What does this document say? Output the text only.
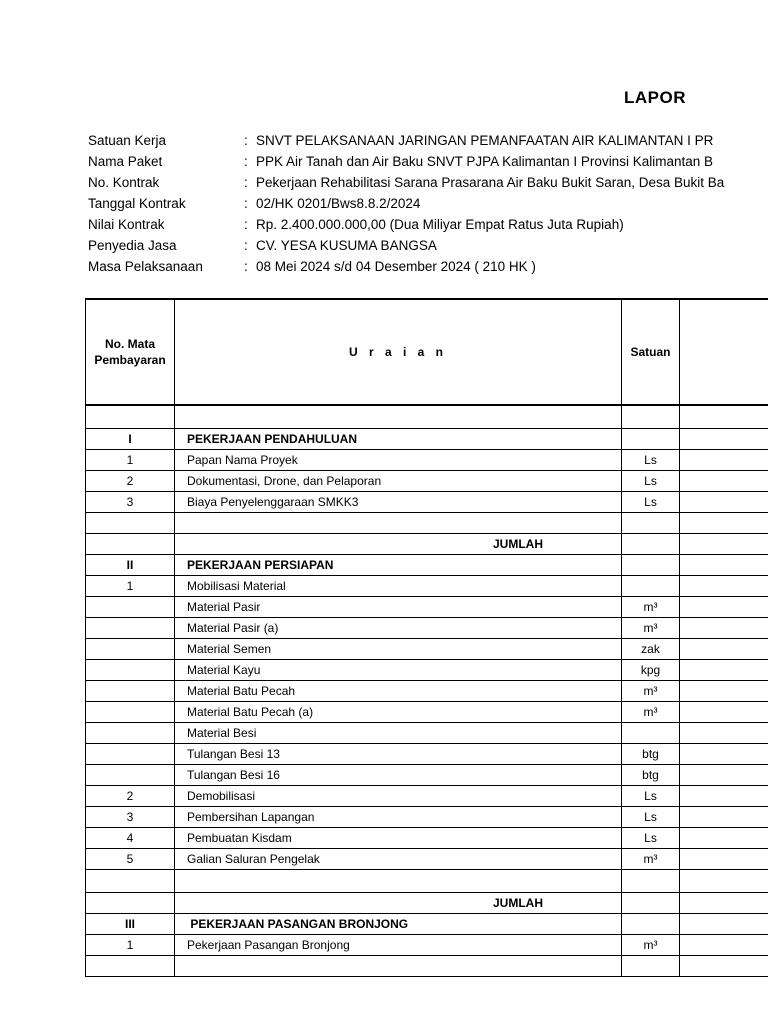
LAPOR
Satuan Kerja	: SNVT PELAKSANAAN JARINGAN PEMANFAATAN AIR KALIMANTAN I PR
Nama Paket	: PPK Air Tanah dan Air Baku SNVT PJPA Kalimantan I Provinsi Kalimantan B
No. Kontrak	: Pekerjaan Rehabilitasi Sarana Prasarana Air Baku Bukit Saran, Desa Bukit Ba
Tanggal Kontrak	: 02/HK 0201/Bws8.8.2/2024
Nilai Kontrak	: Rp. 2.400.000.000,00 (Dua Miliyar Empat Ratus Juta Rupiah)
Penyedia Jasa	: CV. YESA KUSUMA BANGSA
Masa Pelaksanaan	: 08 Mei 2024 s/d 04 Desember 2024 ( 210 HK )
No. Mata Pembayaran	U r a i a n	Satuan	

I	PEKERJAAN PENDAHULUAN		
1	Papan Nama Proyek	Ls	
2	Dokumentasi, Drone, dan Pelaporan	Ls	
3	Biaya Penyelenggaraan SMKK3	Ls	

	JUMLAH		
II	PEKERJAAN PERSIAPAN		
1	Mobilisasi Material		
	Material Pasir	m³	
	Material Pasir (a)	m³	
	Material Semen	zak	
	Material Kayu	kpg	
	Material Batu Pecah	m³	
	Material Batu Pecah (a)	m³	
	Material Besi		
	Tulangan Besi 13	btg	
	Tulangan Besi 16	btg	
2	Demobilisasi	Ls	
3	Pembersihan Lapangan	Ls	
4	Pembuatan Kisdam	Ls	
5	Galian Saluran Pengelak	m³	

	JUMLAH		
III	PEKERJAAN PASANGAN BRONJONG		
1	Pekerjaan Pasangan Bronjong	m³	
